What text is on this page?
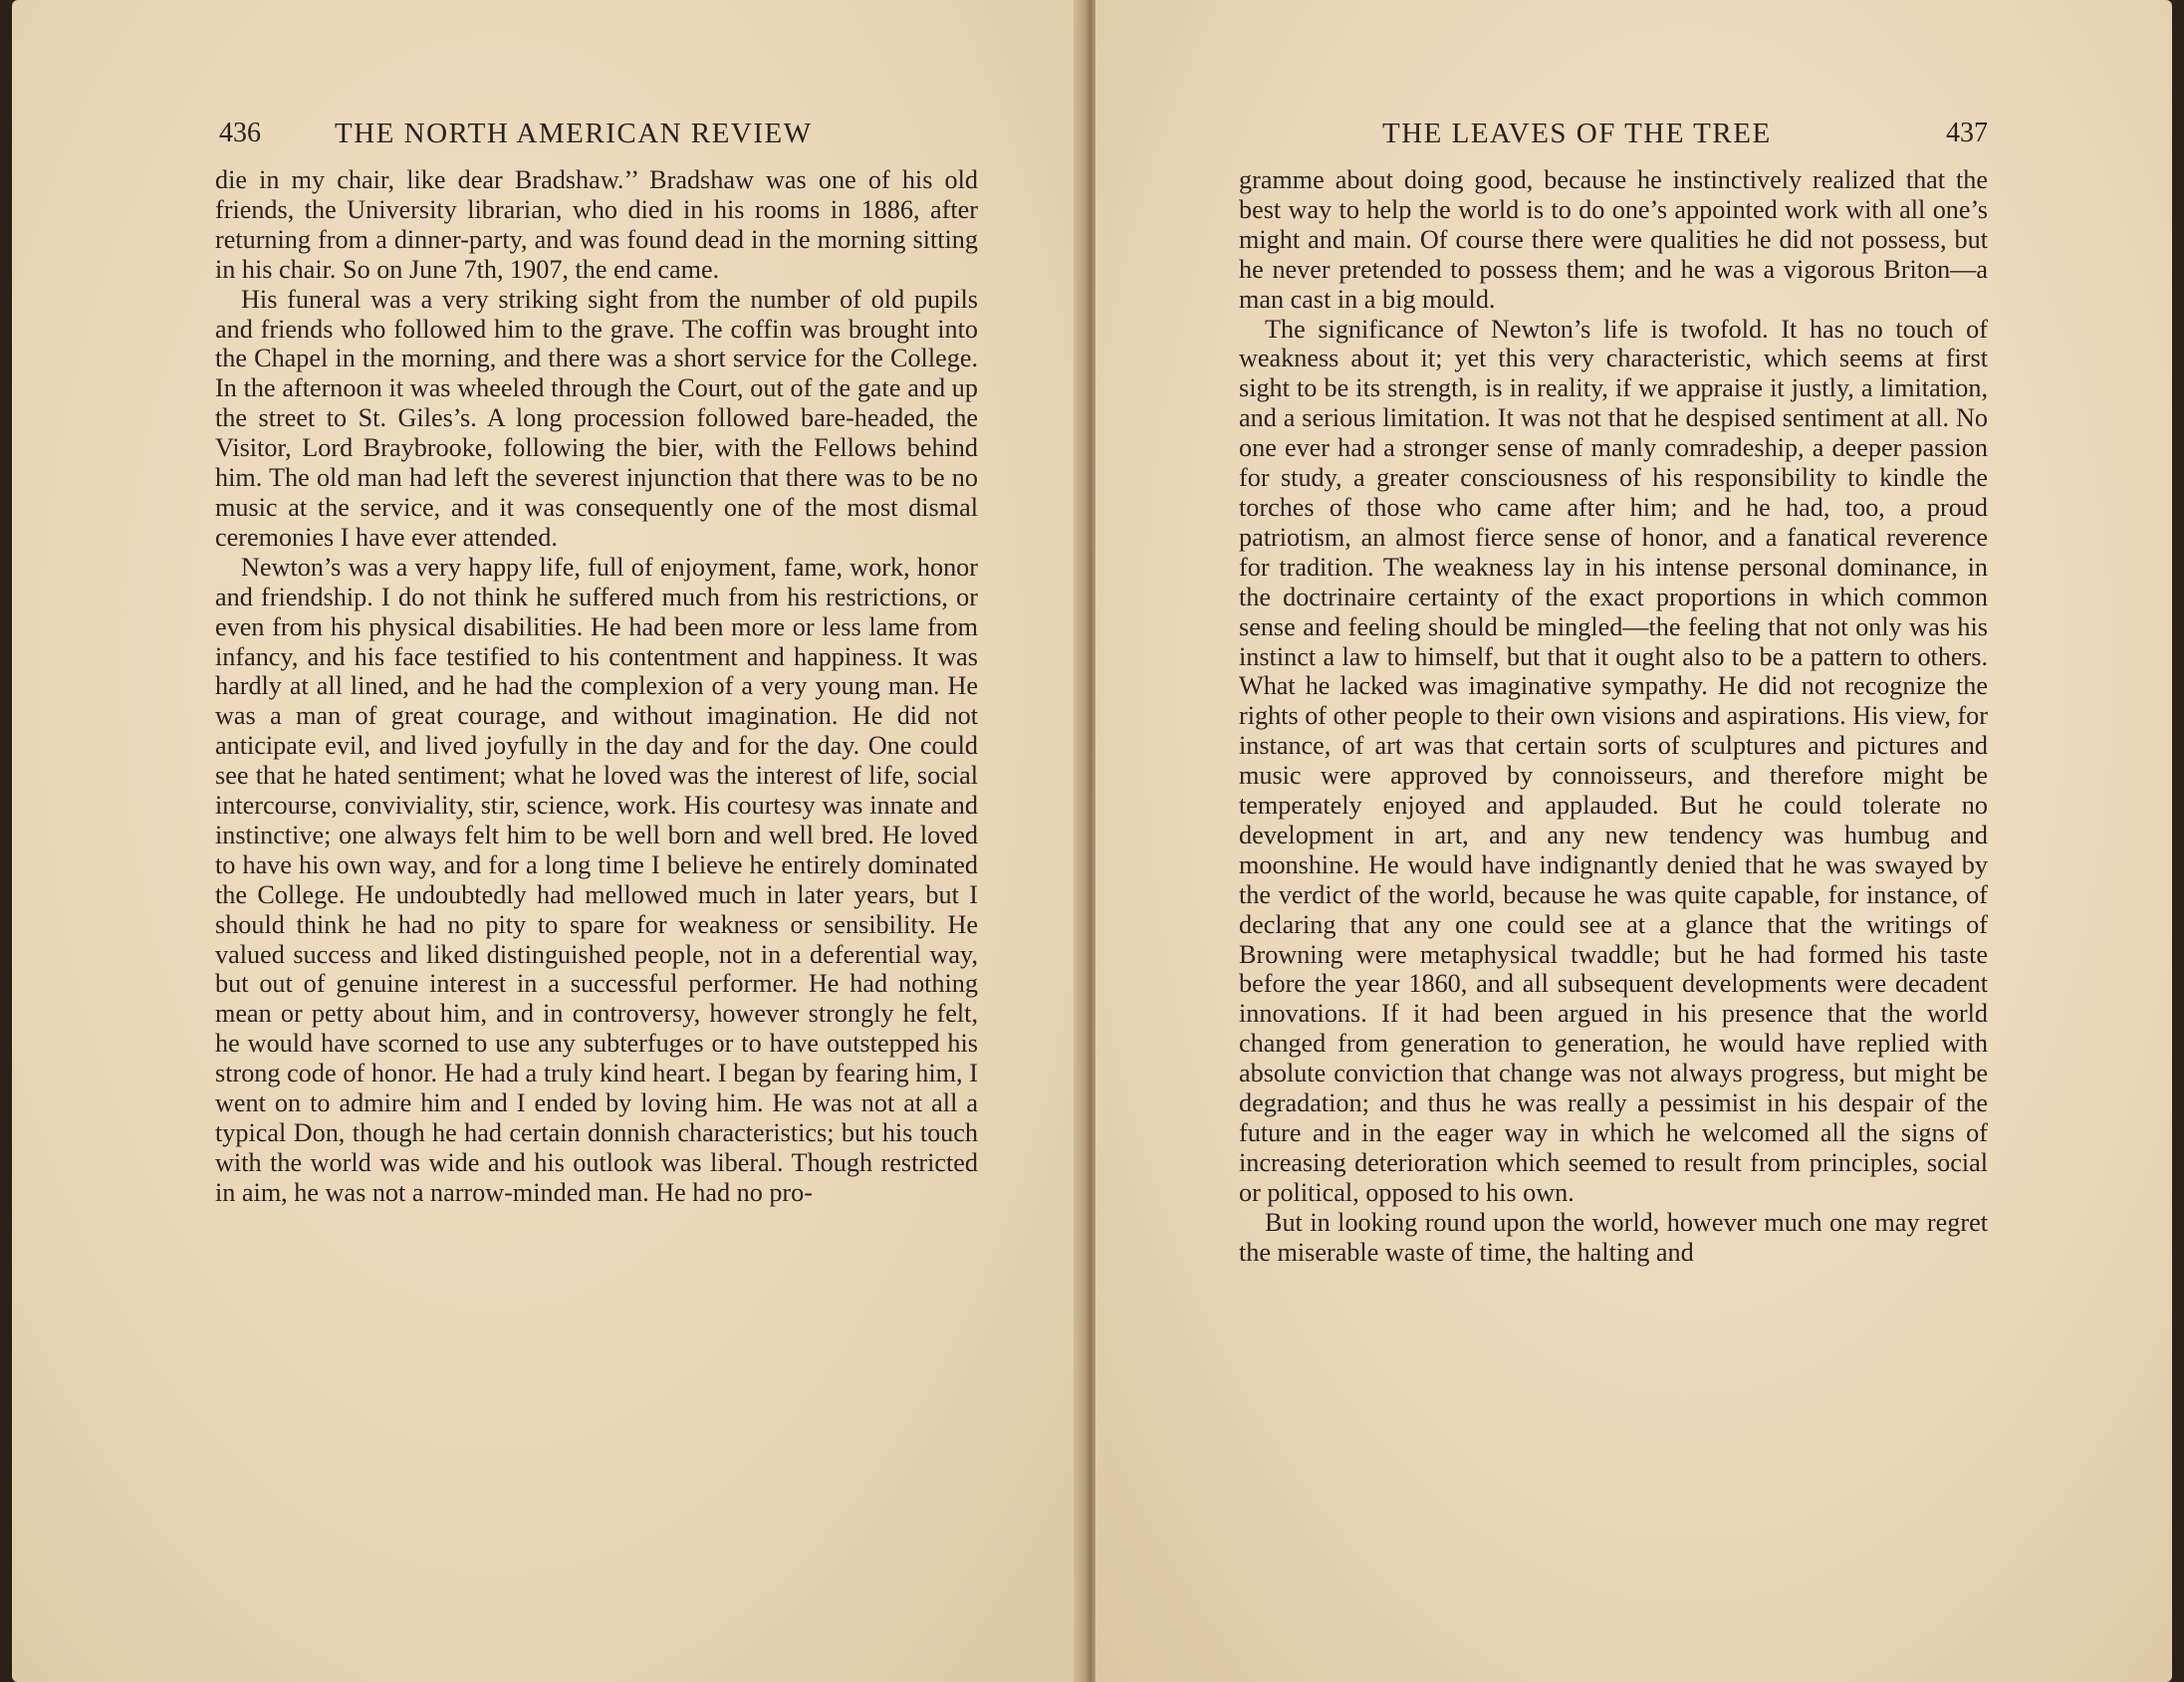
436	THE NORTH AMERICAN REVIEW

die in my chair, like dear Bradshaw.’’ Bradshaw was one of his old friends, the University librarian, who died in his rooms in 1886, after returning from a dinner-party, and was found dead in the morning sitting in his chair. So on June 7th, 1907, the end came.

His funeral was a very striking sight from the number of old pupils and friends who followed him to the grave. The coffin was brought into the Chapel in the morning, and there was a short service for the College. In the afternoon it was wheeled through the Court, out of the gate and up the street to St. Giles’s. A long procession followed bare-headed, the Visitor, Lord Braybrooke, following the bier, with the Fellows behind him. The old man had left the severest injunction that there was to be no music at the service, and it was consequently one of the most dismal ceremonies I have ever attended.

Newton’s was a very happy life, full of enjoyment, fame, work, honor and friendship. I do not think he suffered much from his restrictions, or even from his physical disabilities. He had been more or less lame from infancy, and his face testified to his contentment and happiness. It was hardly at all lined, and he had the complexion of a very young man. He was a man of great courage, and without imagination. He did not anticipate evil, and lived joyfully in the day and for the day. One could see that he hated sentiment; what he loved was the interest of life, social intercourse, conviviality, stir, science, work. His courtesy was innate and instinctive; one always felt him to be well born and well bred. He loved to have his own way, and for a long time I believe he entirely dominated the College. He undoubtedly had mellowed much in later years, but I should think he had no pity to spare for weakness or sensibility. He valued success and liked distinguished people, not in a deferential way, but out of genuine interest in a successful performer. He had nothing mean or petty about him, and in controversy, however strongly he felt, he would have scorned to use any subterfuges or to have outstepped his strong code of honor. He had a truly kind heart. I began by fearing him, I went on to admire him and I ended by loving him. He was not at all a typical Don, though he had certain donnish characteristics; but his touch with the world was wide and his outlook was liberal. Though restricted in aim, he was not a narrow-minded man. He had no pro-

THE LEAVES OF THE TREE	437

gramme about doing good, because he instinctively realized that the best way to help the world is to do one’s appointed work with all one’s might and main. Of course there were qualities he did not possess, but he never pretended to possess them; and he was a vigorous Briton—a man cast in a big mould.

The significance of Newton’s life is twofold. It has no touch of weakness about it; yet this very characteristic, which seems at first sight to be its strength, is in reality, if we appraise it justly, a limitation, and a serious limitation. It was not that he despised sentiment at all. No one ever had a stronger sense of manly comradeship, a deeper passion for study, a greater consciousness of his responsibility to kindle the torches of those who came after him; and he had, too, a proud patriotism, an almost fierce sense of honor, and a fanatical reverence for tradition. The weakness lay in his intense personal dominance, in the doctrinaire certainty of the exact proportions in which common sense and feeling should be mingled—the feeling that not only was his instinct a law to himself, but that it ought also to be a pattern to others. What he lacked was imaginative sympathy. He did not recognize the rights of other people to their own visions and aspirations. His view, for instance, of art was that certain sorts of sculptures and pictures and music were approved by connoisseurs, and therefore might be temperately enjoyed and applauded. But he could tolerate no development in art, and any new tendency was humbug and moonshine. He would have indignantly denied that he was swayed by the verdict of the world, because he was quite capable, for instance, of declaring that any one could see at a glance that the writings of Browning were metaphysical twaddle; but he had formed his taste before the year 1860, and all subsequent developments were decadent innovations. If it had been argued in his presence that the world changed from generation to generation, he would have replied with absolute conviction that change was not always progress, but might be degradation; and thus he was really a pessimist in his despair of the future and in the eager way in which he welcomed all the signs of increasing deterioration which seemed to result from principles, social or political, opposed to his own.

But in looking round upon the world, however much one may regret the miserable waste of time, the halting and
